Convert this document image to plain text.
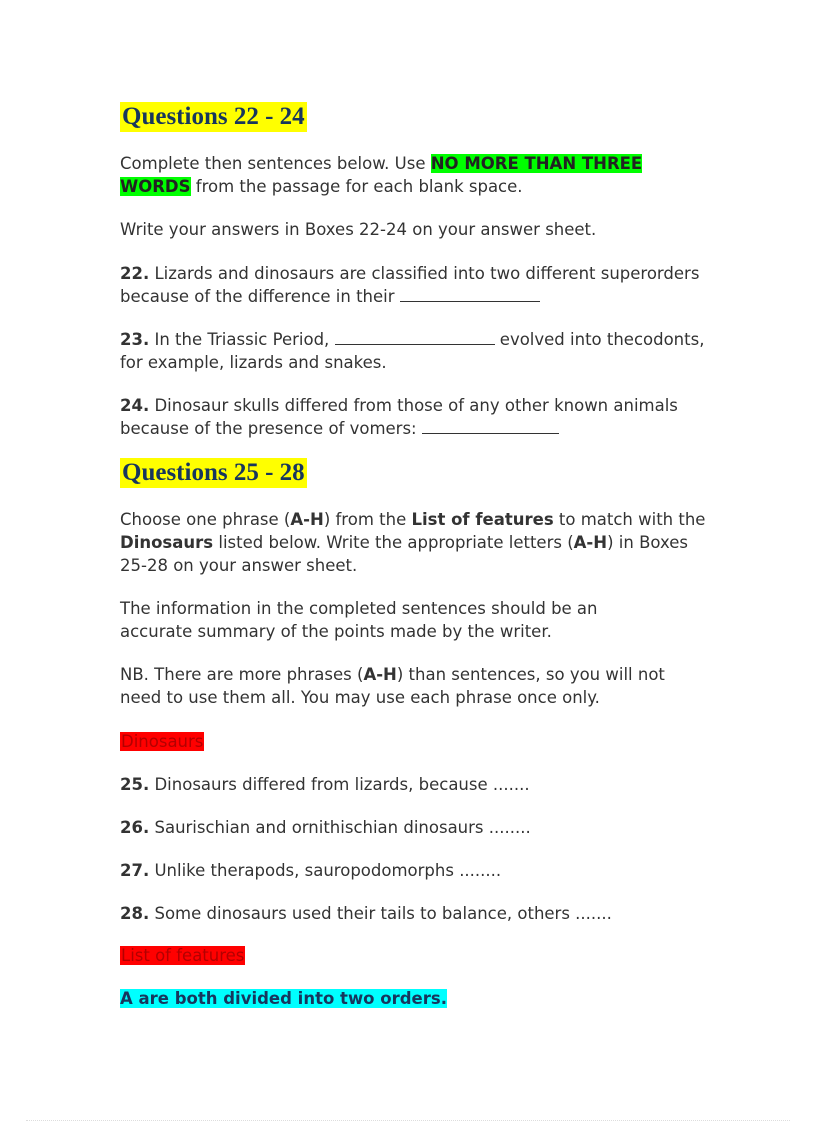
Questions 22 - 24
Complete then sentences below. Use NO MORE THAN THREE
WORDS from the passage for each blank space.
Write your answers in Boxes 22-24 on your answer sheet.
22. Lizards and dinosaurs are classified into two different superorders
because of the difference in their
23. In the Triassic Period,	evolved into thecodonts,
for example, lizards and snakes.
24. Dinosaur skulls differed from those of any other known animals
because of the presence of vomers:
Questions 25 - 28
Choose one phrase (A-H) from the List of features to match with the
Dinosaurs listed below. Write the appropriate letters (A-H) in Boxes
25-28 on your answer sheet.
The information in the completed sentences should be an accurate summary of the points made by the writer.
NB. There are more phrases (A-H) than sentences, so you will not need to use them all. You may use each phrase once only.
Dinosaurs
25. Dinosaurs differed from lizards, because .......
26. Saurischian and ornithischian dinosaurs ........
27. Unlike therapods, sauropodomorphs ........
28. Some dinosaurs used their tails to balance, others .......
List of features
A are both divided into two orders.
